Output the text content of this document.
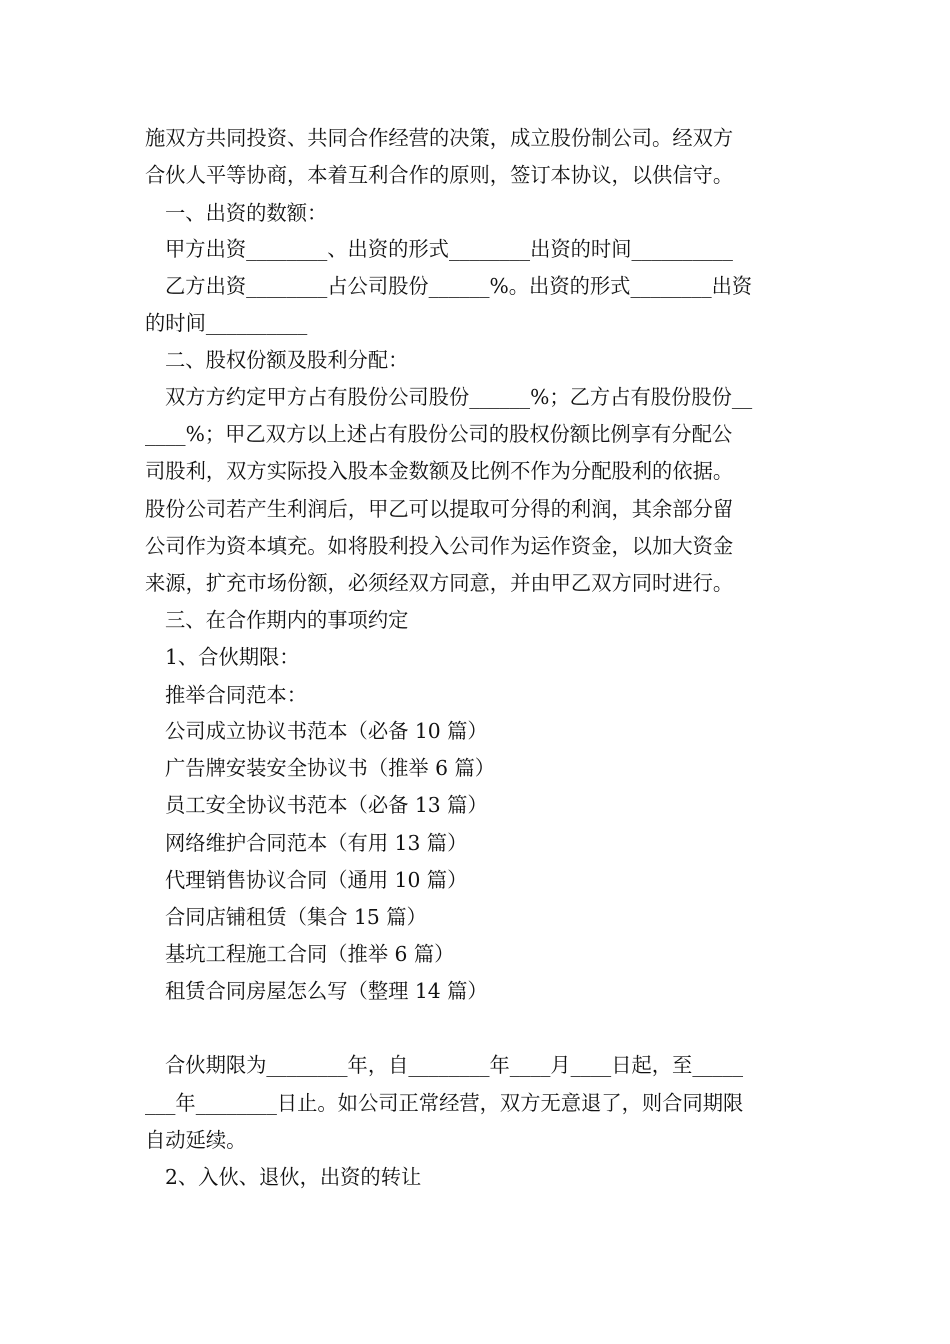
施双方共同投资、共同合作经营的决策，成立股份制公司。经双方
合伙人平等协商，本着互利合作的原则，签订本协议，以供信守。
一、出资的数额：
甲方出资________、出资的形式________出资的时间__________
乙方出资________占公司股份______%。出资的形式________出资
的时间__________
二、股权份额及股利分配：
双方方约定甲方占有股份公司股份______%；乙方占有股份股份__
____%；甲乙双方以上述占有股份公司的股权份额比例享有分配公
司股利，双方实际投入股本金数额及比例不作为分配股利的依据。
股份公司若产生利润后，甲乙可以提取可分得的利润，其余部分留
公司作为资本填充。如将股利投入公司作为运作资金，以加大资金
来源，扩充市场份额，必须经双方同意，并由甲乙双方同时进行。
三、在合作期内的事项约定
1、合伙期限：
推举合同范本：
公司成立协议书范本（必备 10 篇）
广告牌安装安全协议书（推举 6 篇）
员工安全协议书范本（必备 13 篇）
网络维护合同范本（有用 13 篇）
代理销售协议合同（通用 10 篇）
合同店铺租赁（集合 15 篇）
基坑工程施工合同（推举 6 篇）
租赁合同房屋怎么写（整理 14 篇）
合伙期限为________年，自________年____月____日起，至_____
___年________日止。如公司正常经营，双方无意退了，则合同期限
自动延续。
2、入伙、退伙，出资的转让
